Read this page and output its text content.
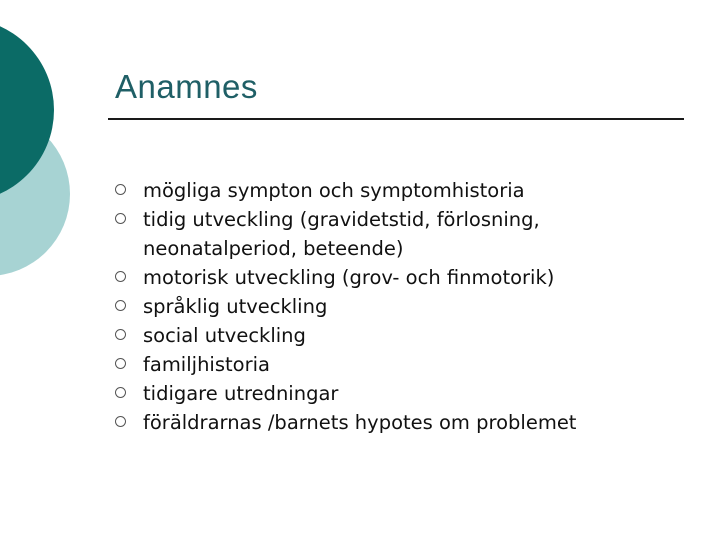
Anamnes
mögliga sympton och symptomhistoria
tidig utveckling (gravidetstid, förlosning, neonatalperiod, beteende)
motorisk utveckling (grov- och finmotorik)
språklig utveckling
social utveckling
familjhistoria
tidigare utredningar
föräldrarnas /barnets hypotes om problemet
